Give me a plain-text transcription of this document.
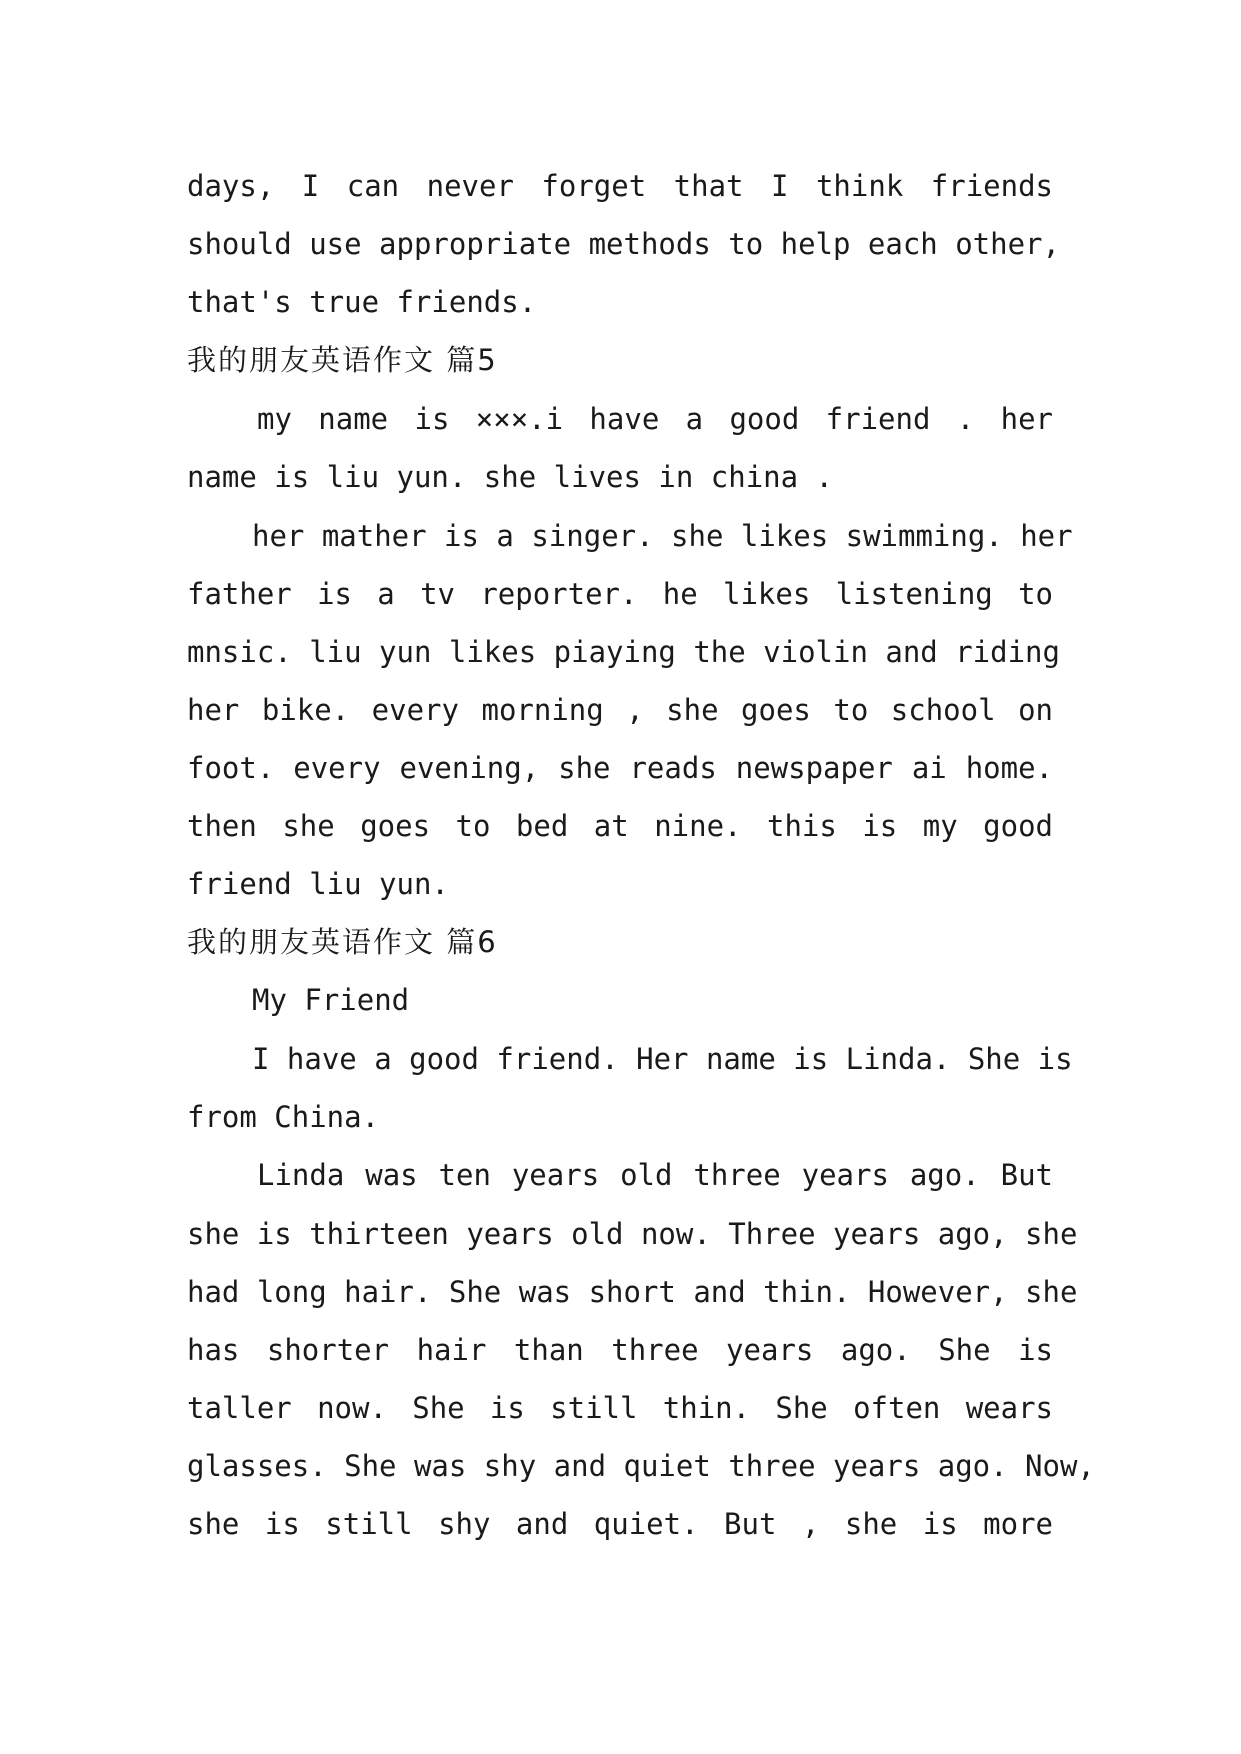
days, I can never forget that I think friends
should use appropriate methods to help each other,
that's true friends.
我的朋友英语作文 篇5
my name is ×××.i have a good friend . her
name is liu yun. she lives in china .
her mather is a singer. she likes swimming. her
father is a tv reporter. he likes listening to
mnsic. liu yun likes piaying the violin and riding
her bike. every morning , she goes to school on
foot. every evening, she reads newspaper ai home.
then she goes to bed at nine. this is my good
friend liu yun.
我的朋友英语作文 篇6
My Friend
I have a good friend. Her name is Linda. She is
from China.
Linda was ten years old three years ago. But
she is thirteen years old now. Three years ago, she
had long hair. She was short and thin. However, she
has shorter hair than three years ago. She is
taller now. She is still thin. She often wears
glasses. She was shy and quiet three years ago. Now,
she is still shy and quiet. But , she is more
